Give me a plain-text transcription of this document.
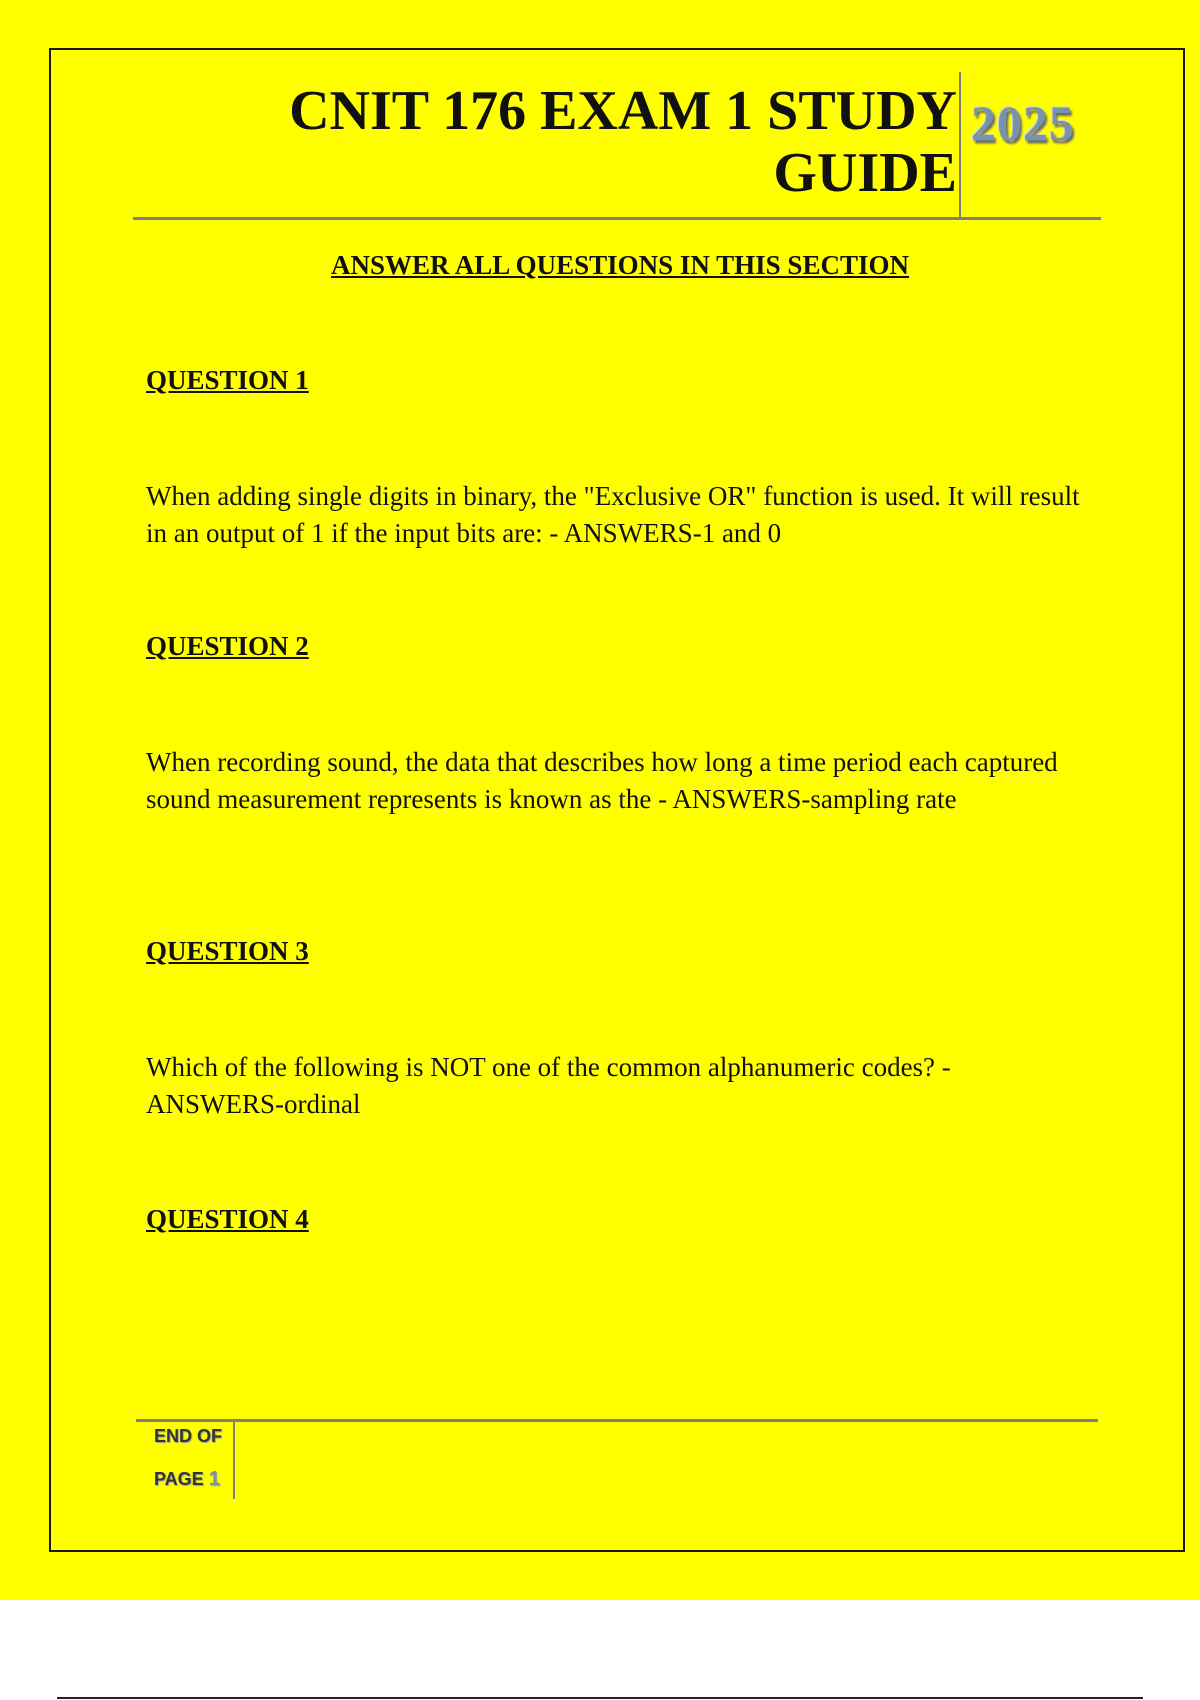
CNIT 176 EXAM 1 STUDY
GUIDE
2025
ANSWER ALL QUESTIONS IN THIS SECTION
QUESTION 1
When adding single digits in binary, the "Exclusive OR" function is used. It will result in an output of 1 if the input bits are: - ANSWERS-1 and 0
QUESTION 2
When recording sound, the data that describes how long a time period each captured sound measurement represents is known as the - ANSWERS-sampling rate
QUESTION 3
Which of the following is NOT one of the common alphanumeric codes? - ANSWERS-ordinal
QUESTION 4
END OF
PAGE 1
